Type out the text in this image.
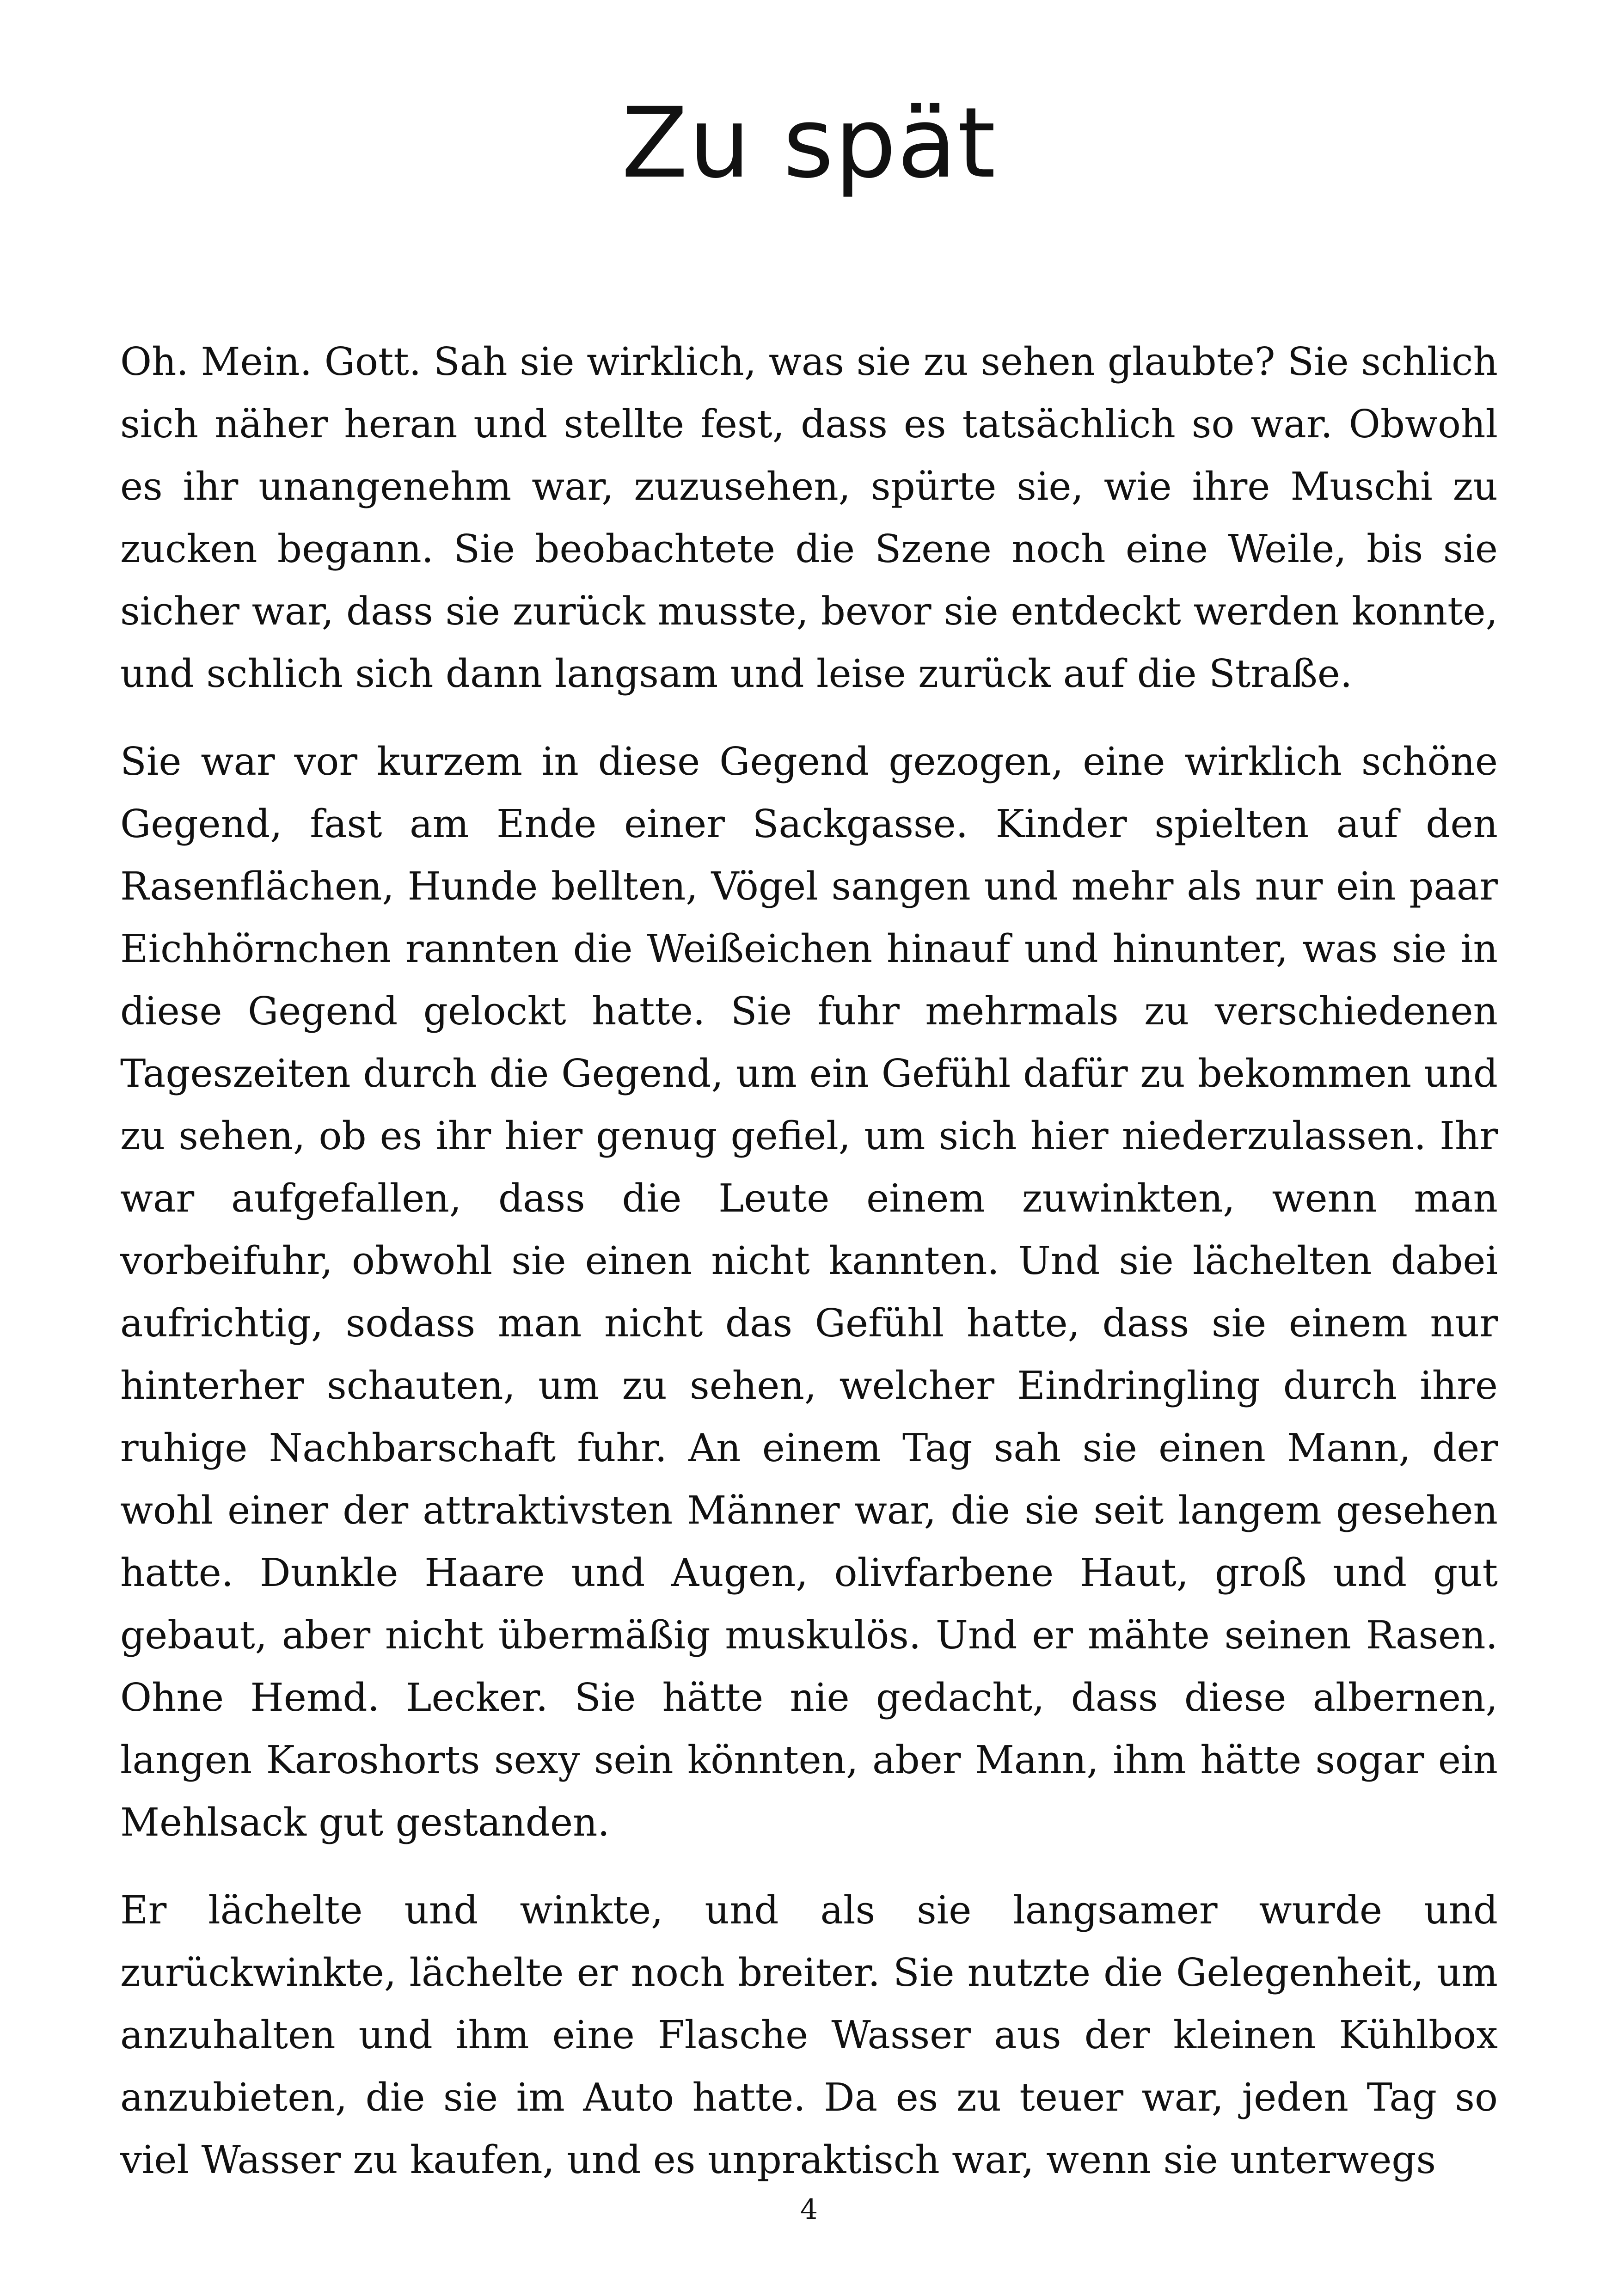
Zu spät

Oh. Mein. Gott. Sah sie wirklich, was sie zu sehen glaubte? Sie schlich sich näher heran und stellte fest, dass es tatsächlich so war. Obwohl es ihr unangenehm war, zuzusehen, spürte sie, wie ihre Muschi zu zucken begann. Sie beobachtete die Szene noch eine Weile, bis sie sicher war, dass sie zurück musste, bevor sie entdeckt werden konnte, und schlich sich dann langsam und leise zurück auf die Straße.

Sie war vor kurzem in diese Gegend gezogen, eine wirklich schöne Gegend, fast am Ende einer Sackgasse. Kinder spielten auf den Rasenflächen, Hunde bellten, Vögel sangen und mehr als nur ein paar Eichhörnchen rannten die Weißeichen hinauf und hinunter, was sie in diese Gegend gelockt hatte. Sie fuhr mehrmals zu verschiedenen Tageszeiten durch die Gegend, um ein Gefühl dafür zu bekommen und zu sehen, ob es ihr hier genug gefiel, um sich hier niederzulassen. Ihr war aufgefallen, dass die Leute einem zuwinkten, wenn man vorbeifuhr, obwohl sie einen nicht kannten. Und sie lächelten dabei aufrichtig, sodass man nicht das Gefühl hatte, dass sie einem nur hinterher schauten, um zu sehen, welcher Eindringling durch ihre ruhige Nachbarschaft fuhr. An einem Tag sah sie einen Mann, der wohl einer der attraktivsten Männer war, die sie seit langem gesehen hatte. Dunkle Haare und Augen, olivfarbene Haut, groß und gut gebaut, aber nicht übermäßig muskulös. Und er mähte seinen Rasen. Ohne Hemd. Lecker. Sie hätte nie gedacht, dass diese albernen, langen Karoshorts sexy sein könnten, aber Mann, ihm hätte sogar ein Mehlsack gut gestanden.

Er lächelte und winkte, und als sie langsamer wurde und zurückwinkte, lächelte er noch breiter. Sie nutzte die Gelegenheit, um anzuhalten und ihm eine Flasche Wasser aus der kleinen Kühlbox anzubieten, die sie im Auto hatte. Da es zu teuer war, jeden Tag so viel Wasser zu kaufen, und es unpraktisch war, wenn sie unterwegs

4
